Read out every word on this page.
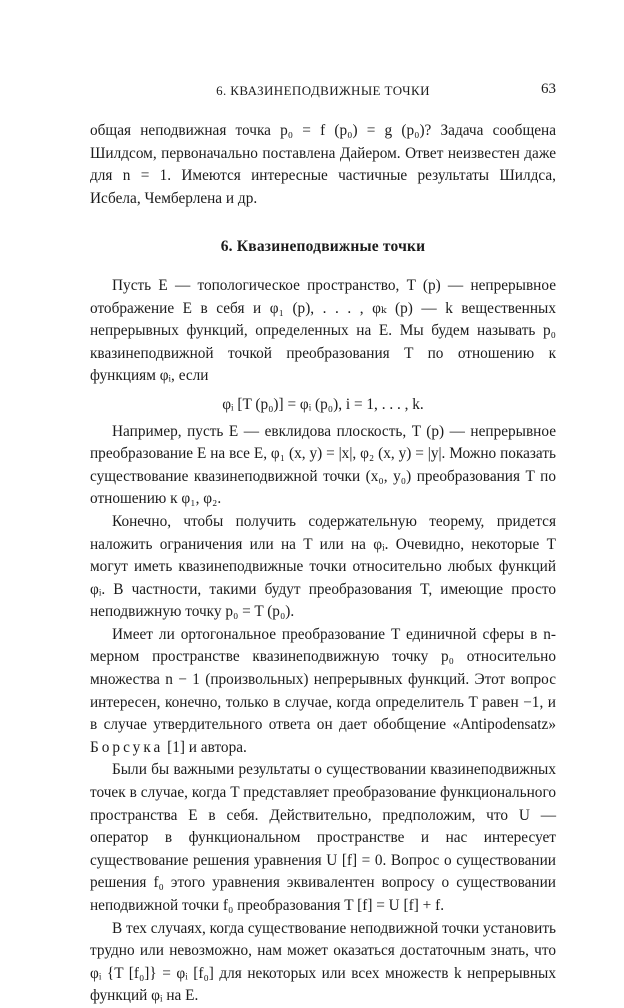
6. КВАЗИНЕПОДВИЖНЫЕ ТОЧКИ	63

общая неподвижная точка p₀ = f (p₀) = g (p₀)? Задача сообщена Шилдсом, первоначально поставлена Дайером. Ответ неизвестен даже для n = 1. Имеются интересные частичные результаты Шилдса, Исбела, Чемберлена и др.

6. Квазинеподвижные точки

Пусть E — топологическое пространство, T (p) — непрерывное отображение E в себя и φ₁ (p), . . . , φₖ (p) — k вещественных непрерывных функций, определенных на E. Мы будем называть p₀ квазинеподвижной точкой преобразования T по отношению к функциям φᵢ, если

φᵢ [T (p₀)] = φᵢ (p₀), i = 1, . . . , k.

Например, пусть E — евклидова плоскость, T (p) — непрерывное преобразование E на все E, φ₁ (x, y) = |x|, φ₂ (x, y) = |y|. Можно показать существование квазинеподвижной точки (x₀, y₀) преобразования T по отношению к φ₁, φ₂.

Конечно, чтобы получить содержательную теорему, придется наложить ограничения или на T или на φᵢ. Очевидно, некоторые T могут иметь квазинеподвижные точки относительно любых функций φᵢ. В частности, такими будут преобразования T, имеющие просто неподвижную точку p₀ = T (p₀).

Имеет ли ортогональное преобразование T единичной сферы в n-мерном пространстве квазинеподвижную точку p₀ относительно множества n − 1 (произвольных) непрерывных функций. Этот вопрос интересен, конечно, только в случае, когда определитель T равен −1, и в случае утвердительного ответа он дает обобщение «Antipodensatz» Борсука [1] и автора.

Были бы важными результаты о существовании квазинеподвижных точек в случае, когда T представляет преобразование функционального пространства E в себя. Действительно, предположим, что U — оператор в функциональном пространстве и нас интересует существование решения уравнения U [f] = 0. Вопрос о существовании решения f₀ этого уравнения эквивалентен вопросу о существовании неподвижной точки f₀ преобразования T [f] = U [f] + f.

В тех случаях, когда существование неподвижной точки установить трудно или невозможно, нам может оказаться достаточным знать, что φᵢ {T [f₀]} = φᵢ [f₀] для некоторых или всех множеств k непрерывных функций φᵢ на E.
